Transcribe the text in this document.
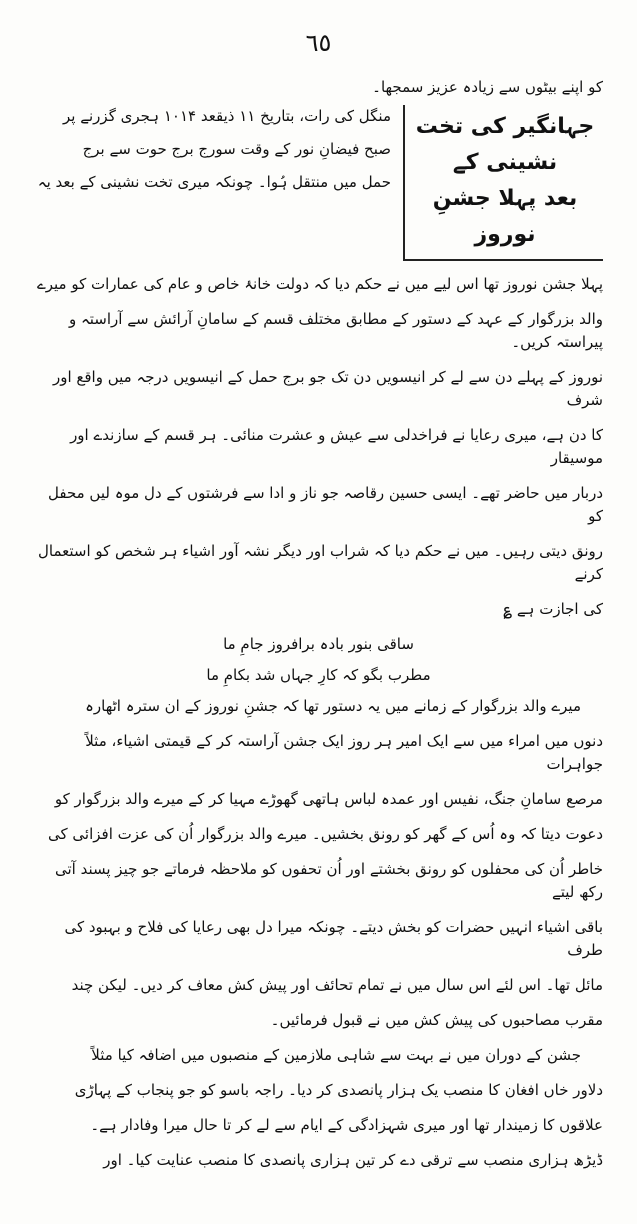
٦٥
کو اپنے بیٹوں سے زیادہ عزیز سمجھا۔
جہانگیر کی تخت نشینی کے
بعد پہلا جشنِ نوروز
منگل کی رات، بتاریخ ۱۱ ذیقعد ۱۰۱۴ ہجری گزرنے پر
صبح فیضانِ نور کے وقت سورج برج حوت سے برج
حمل میں منتقل ہُوا۔ چونکہ میری تخت نشینی کے بعد یہ
پہلا جشن نوروز تھا اس لیے میں نے حکم دیا کہ دولت خانۂ خاص و عام کی عمارات کو میرے
والد بزرگوار کے عہد کے دستور کے مطابق مختلف قسم کے سامانِ آرائش سے آراستہ و پیراستہ کریں۔
نوروز کے پہلے دن سے لے کر انیسویں دن تک جو برج حمل کے انیسویں درجہ میں واقع اور شرف
کا دن ہے، میری رعایا نے فراخدلی سے عیش و عشرت منائی۔ ہر قسم کے سازندے اور موسیقار
دربار میں حاضر تھے۔ ایسی حسین رقاصہ جو ناز و ادا سے فرشتوں کے دل موہ لیں محفل کو
رونق دیتی رہیں۔ میں نے حکم دیا کہ شراب اور دیگر نشہ آور اشیاء ہر شخص کو استعمال کرنے
کی اجازت ہے ؏
ساقی بنور بادہ برافروز جامِ ما
مطرب بگو کہ کارِ جہاں شد بکامِ ما
میرے والد بزرگوار کے زمانے میں یہ دستور تھا کہ جشنِ نوروز کے ان سترہ اٹھارہ
دنوں میں امراء میں سے ایک امیر ہر روز ایک جشن آراستہ کر کے قیمتی اشیاء، مثلاً جواہرات
مرصع سامانِ جنگ، نفیس اور عمدہ لباس ہاتھی گھوڑے مہیا کر کے میرے والد بزرگوار کو
دعوت دیتا کہ وہ اُس کے گھر کو رونق بخشیں۔ میرے والد بزرگوار اُن کی عزت افزائی کی
خاطر اُن کی محفلوں کو رونق بخشتے اور اُن تحفوں کو ملاحظہ فرماتے جو چیز پسند آتی رکھ لیتے
باقی اشیاء انہیں حضرات کو بخش دیتے۔ چونکہ میرا دل بھی رعایا کی فلاح و بہبود کی طرف
مائل تھا۔ اس لئے اس سال میں نے تمام تحائف اور پیش کش معاف کر دیں۔ لیکن چند
مقرب مصاحبوں کی پیش کش میں نے قبول فرمائیں۔
جشن کے دوران میں نے بہت سے شاہی ملازمین کے منصبوں میں اضافہ کیا مثلاً
دلاور خاں افغان کا منصب یک ہزار پانصدی کر دیا۔ راجہ باسو کو جو پنجاب کے پہاڑی
علاقوں کا زمیندار تھا اور میری شہزادگی کے ایام سے لے کر تا حال میرا وفادار ہے۔
ڈیڑھ ہزاری منصب سے ترقی دے کر تین ہزاری پانصدی کا منصب عنایت کیا۔ اور
